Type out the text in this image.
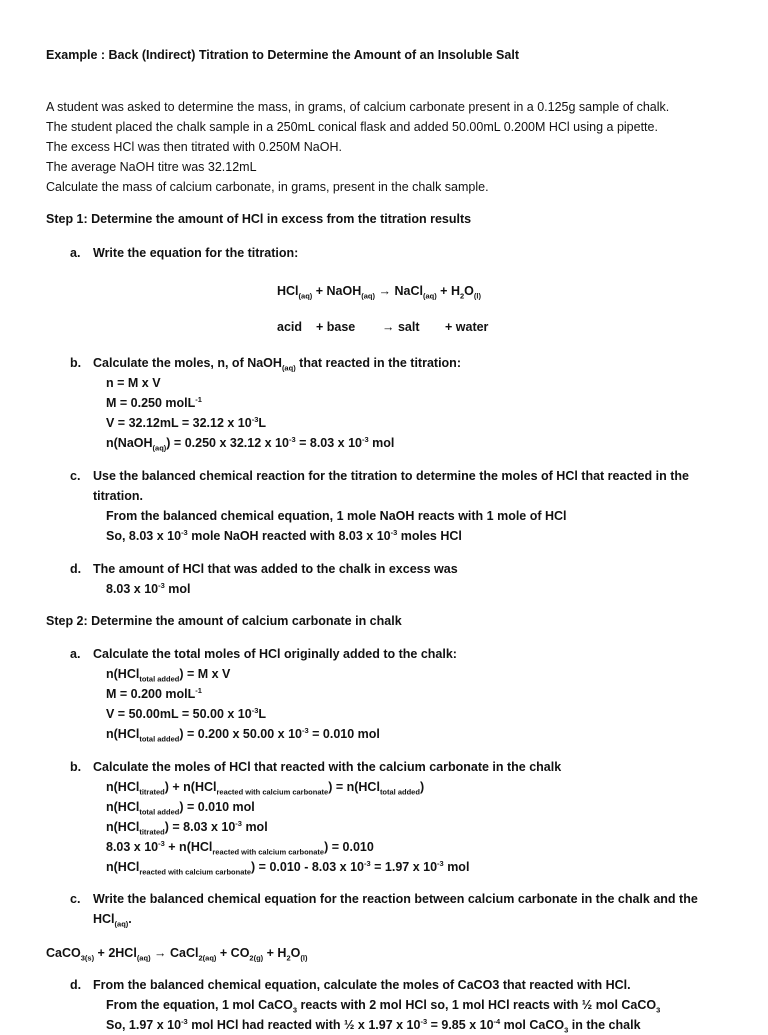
Example : Back (Indirect) Titration to Determine the Amount of an Insoluble Salt
A student was asked to determine the mass, in grams, of calcium carbonate present in a 0.125g sample of chalk.
The student placed the chalk sample in a 250mL conical flask and added 50.00mL 0.200M HCl using a pipette.
The excess HCl was then titrated with 0.250M NaOH.
The average NaOH titre was 32.12mL
Calculate the mass of calcium carbonate, in grams, present in the chalk sample.
Step 1: Determine the amount of HCl in excess from the titration results
a. Write the equation for the titration:
HCl$_{(aq)}$ + NaOH$_{(aq)}$ → NaCl$_{(aq)}$ + $H_2O_{(l)}$
acid + base → salt + water
b. Calculate the moles, n, of NaOH$_{(aq)}$ that reacted in the titration:
n = M x V
M = 0.250 molL$^{-1}$
V = 32.12mL = 32.12 x $10^{-3}L$
n(NaOH$_{(aq)}$) = 0.250 x 32.12 x $10^{-3} = 8.03$ x $10^{-3}$ mol
c. Use the balanced chemical reaction for the titration to determine the moles of HCl that reacted in the
titration.
From the balanced chemical equation, 1 mole NaOH reacts with 1 mole of HCl
So, 8.03 x $10^{-3}$ mole NaOH reacted with 8.03 x $10^{-3}$ moles HCl
d. The amount of HCl that was added to the chalk in excess was
8.03 x $10^{-3}$ mol
Step 2: Determine the amount of calcium carbonate in chalk
a. Calculate the total moles of HCl originally added to the chalk:
n(HCl$_{total added}$) = M x V
M = 0.200 molL$^{-1}$
V = 50.00mL = 50.00 x $10^{-3}L$
n(HCl$_{total added}$) = 0.200 x 50.00 x $10^{-3} = 0.010$ mol
b. Calculate the moles of HCl that reacted with the calcium carbonate in the chalk
n(HCl$_{titrated}$) + n(HCl$_{reacted with calcium carbonate}$) = n(HCl$_{total added}$)
n(HCl$_{total added}$) = 0.010 mol
n(HCl$_{titrated}$) = 8.03 x $10^{-3}$ mol
8.03 x $10^{-3} + n(HCl_{reacted with calcium carbonate}) = 0.010$
n(HCl$_{reacted with calcium carbonate}$) = 0.010 - 8.03 x $10^{-3} = 1.97$ x $10^{-3}$ mol
c. Write the balanced chemical equation for the reaction between calcium carbonate in the chalk and the
HCl$_{(aq)}$.
CaCO$_{3(s)}$ + 2HCl$_{(aq)}$ → CaCl$_{2(aq)}$ + $CO_{2(g)} + H_2O_{(l)}$
d. From the balanced chemical equation, calculate the moles of CaCO3 that reacted with HCl.
From the equation, 1 mol CaCO$_3$ reacts with 2 mol HCl so, 1 mol HCl reacts with ½ mol CaCO$_3$
So, 1.97 x $10^{-3}$ mol HCl had reacted with ½ x 1.97 x $10^{-3} = 9.85$ x $10^{-4}$ mol CaCO$_3$ in the chalk
